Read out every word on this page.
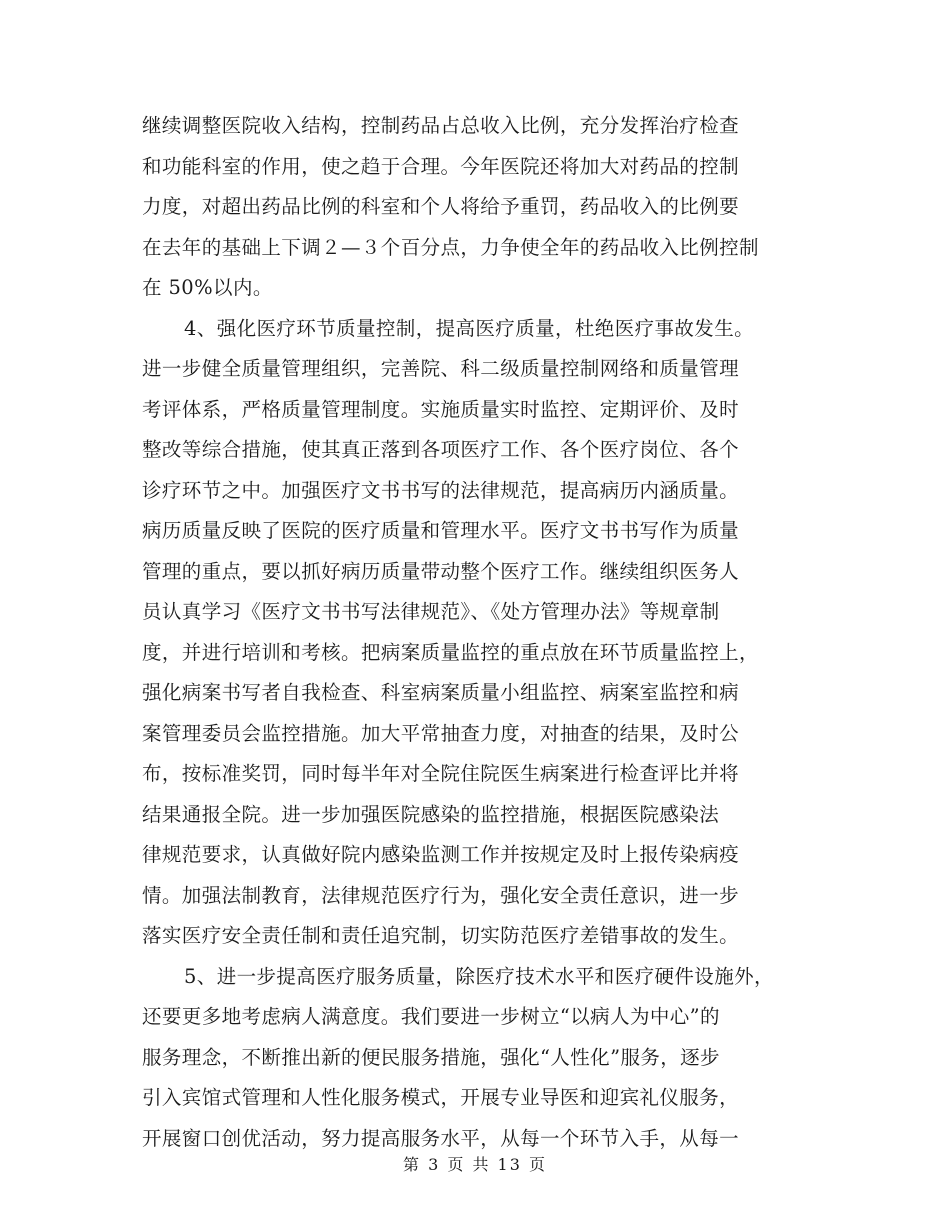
继续调整医院收入结构，控制药品占总收入比例，充分发挥治疗检查
和功能科室的作用，使之趋于合理。今年医院还将加大对药品的控制
力度，对超出药品比例的科室和个人将给予重罚，药品收入的比例要
在去年的基础上下调２—３个百分点，力争使全年的药品收入比例控制
在 50%以内。
4、强化医疗环节质量控制，提高医疗质量，杜绝医疗事故发生。
进一步健全质量管理组织，完善院、科二级质量控制网络和质量管理
考评体系，严格质量管理制度。实施质量实时监控、定期评价、及时
整改等综合措施，使其真正落到各项医疗工作、各个医疗岗位、各个
诊疗环节之中。加强医疗文书书写的法律规范，提高病历内涵质量。
病历质量反映了医院的医疗质量和管理水平。医疗文书书写作为质量
管理的重点，要以抓好病历质量带动整个医疗工作。继续组织医务人
员认真学习《医疗文书书写法律规范》、《处方管理办法》等规章制
度，并进行培训和考核。把病案质量监控的重点放在环节质量监控上，
强化病案书写者自我检查、科室病案质量小组监控、病案室监控和病
案管理委员会监控措施。加大平常抽查力度，对抽查的结果，及时公
布，按标准奖罚，同时每半年对全院住院医生病案进行检查评比并将
结果通报全院。进一步加强医院感染的监控措施，根据医院感染法
律规范要求，认真做好院内感染监测工作并按规定及时上报传染病疫
情。加强法制教育，法律规范医疗行为，强化安全责任意识，进一步
落实医疗安全责任制和责任追究制，切实防范医疗差错事故的发生。
5、进一步提高医疗服务质量，除医疗技术水平和医疗硬件设施外，
还要更多地考虑病人满意度。我们要进一步树立“以病人为中心”的
服务理念，不断推出新的便民服务措施，强化“人性化”服务，逐步
引入宾馆式管理和人性化服务模式，开展专业导医和迎宾礼仪服务，
开展窗口创优活动，努力提高服务水平，从每一个环节入手，从每一
第 3 页 共 13 页
